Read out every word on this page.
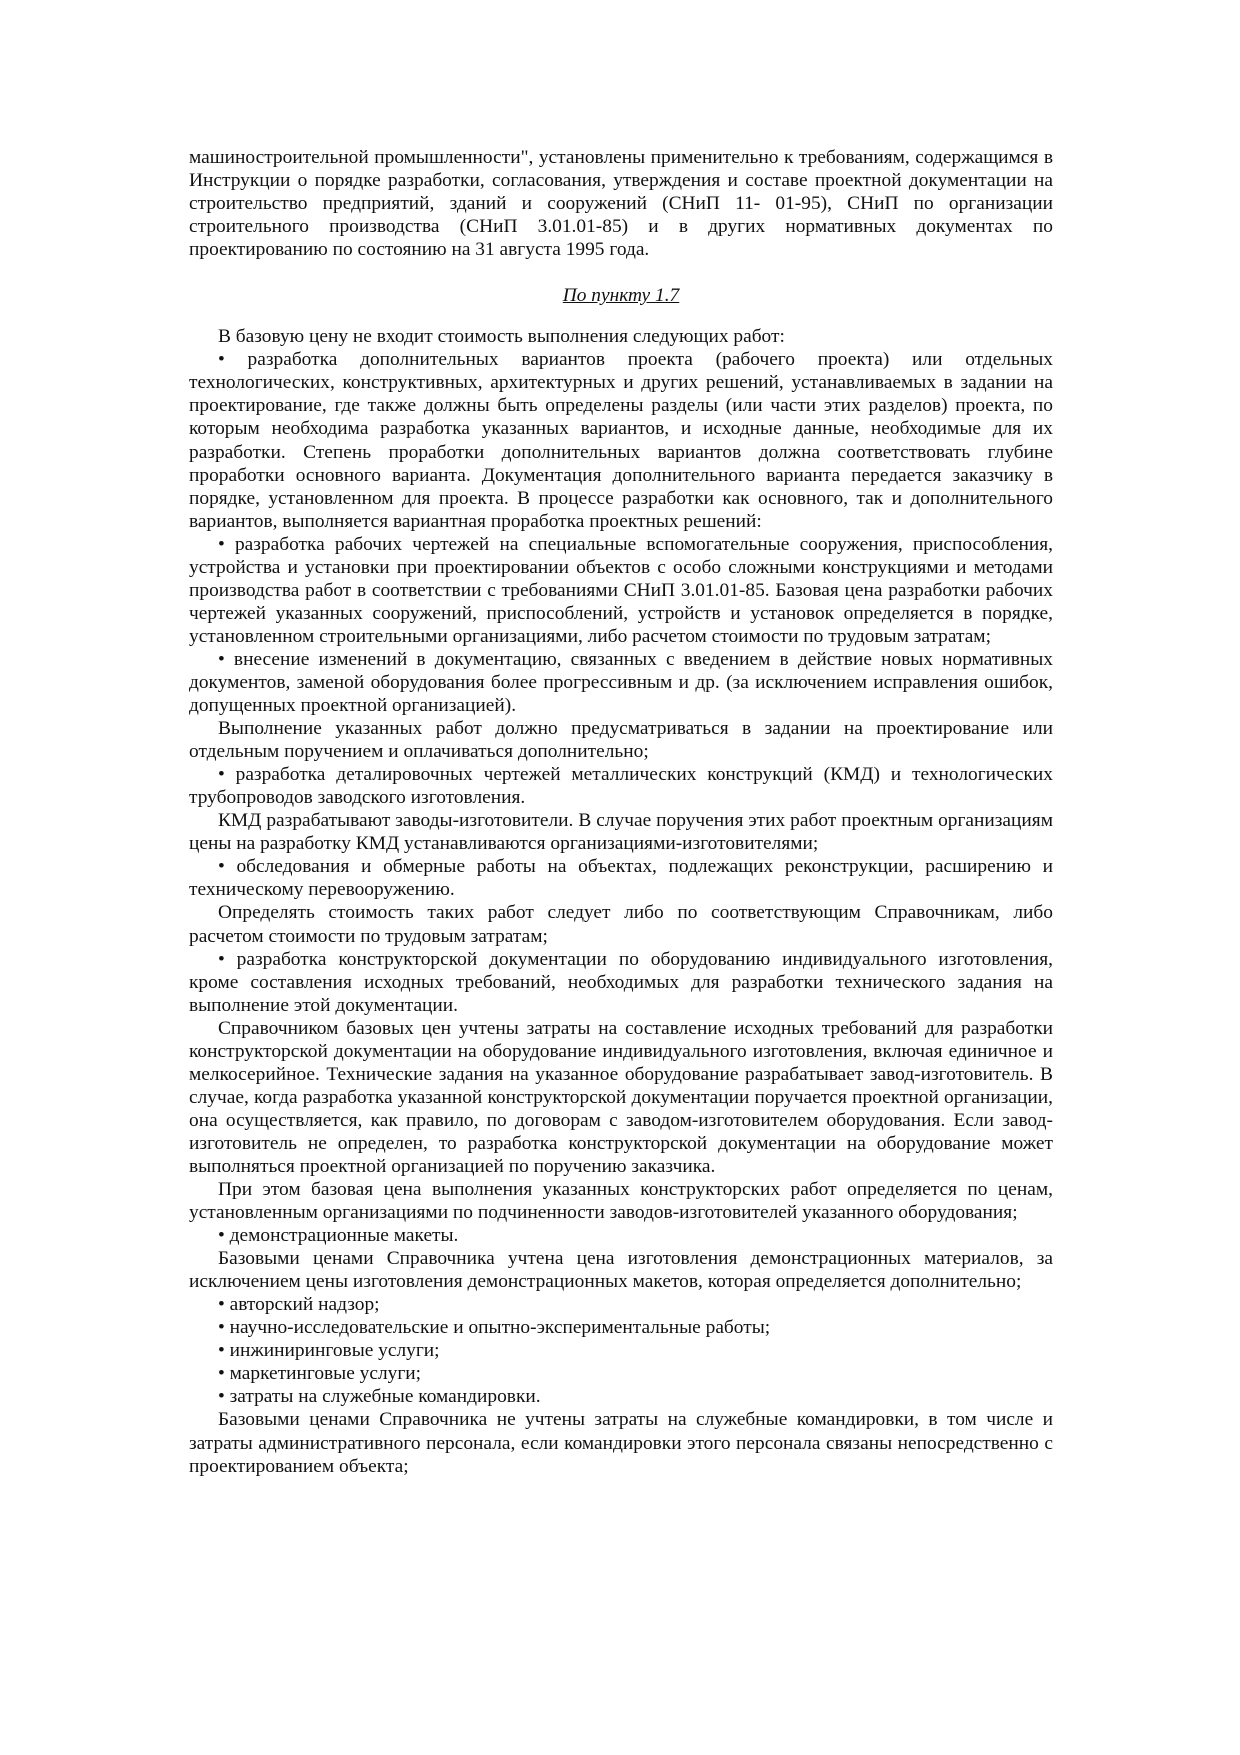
машиностроительной промышленности", установлены применительно к требованиям, содержащимся в Инструкции о порядке разработки, согласования, утверждения и составе проектной документации на строительство предприятий, зданий и сооружений (СНиП 11- 01-95), СНиП по организации строительного производства (СНиП 3.01.01-85) и в других нормативных документах по проектированию по состоянию на 31 августа 1995 года.

По пункту 1.7

В базовую цену не входит стоимость выполнения следующих работ:

• разработка дополнительных вариантов проекта (рабочего проекта) или отдельных технологических, конструктивных, архитектурных и других решений, устанавливаемых в задании на проектирование, где также должны быть определены разделы (или части этих разделов) проекта, по которым необходима разработка указанных вариантов, и исходные данные, необходимые для их разработки. Степень проработки дополнительных вариантов должна соответствовать глубине проработки основного варианта. Документация дополнительного варианта передается заказчику в порядке, установленном для проекта. В процессе разработки как основного, так и дополнительного вариантов, выполняется вариантная проработка проектных решений:

• разработка рабочих чертежей на специальные вспомогательные сооружения, приспособления, устройства и установки при проектировании объектов с особо сложными конструкциями и методами производства работ в соответствии с требованиями СНиП 3.01.01-85. Базовая цена разработки рабочих чертежей указанных сооружений, приспособлений, устройств и установок определяется в порядке, установленном строительными организациями, либо расчетом стоимости по трудовым затратам;

• внесение изменений в документацию, связанных с введением в действие новых нормативных документов, заменой оборудования более прогрессивным и др. (за исключением исправления ошибок, допущенных проектной организацией).

Выполнение указанных работ должно предусматриваться в задании на проектирование или отдельным поручением и оплачиваться дополнительно;

• разработка деталировочных чертежей металлических конструкций (КМД) и технологических трубопроводов заводского изготовления.

КМД разрабатывают заводы-изготовители. В случае поручения этих работ проектным организациям цены на разработку КМД устанавливаются организациями-изготовителями;

• обследования и обмерные работы на объектах, подлежащих реконструкции, расширению и техническому перевооружению.

Определять стоимость таких работ следует либо по соответствующим Справочникам, либо расчетом стоимости по трудовым затратам;

• разработка конструкторской документации по оборудованию индивидуального изготовления, кроме составления исходных требований, необходимых для разработки технического задания на выполнение этой документации.

Справочником базовых цен учтены затраты на составление исходных требований для разработки конструкторской документации на оборудование индивидуального изготовления, включая единичное и мелкосерийное. Технические задания на указанное оборудование разрабатывает завод-изготовитель. В случае, когда разработка указанной конструкторской документации поручается проектной организации, она осуществляется, как правило, по договорам с заводом-изготовителем оборудования. Если завод-изготовитель не определен, то разработка конструкторской документации на оборудование может выполняться проектной организацией по поручению заказчика.

При этом базовая цена выполнения указанных конструкторских работ определяется по ценам, установленным организациями по подчиненности заводов-изготовителей указанного оборудования;

• демонстрационные макеты.

Базовыми ценами Справочника учтена цена изготовления демонстрационных материалов, за исключением цены изготовления демонстрационных макетов, которая определяется дополнительно;

• авторский надзор;

• научно-исследовательские и опытно-экспериментальные работы;

• инжиниринговые услуги;

• маркетинговые услуги;

• затраты на служебные командировки.

Базовыми ценами Справочника не учтены затраты на служебные командировки, в том числе и затраты административного персонала, если командировки этого персонала связаны непосредственно с проектированием объекта;
